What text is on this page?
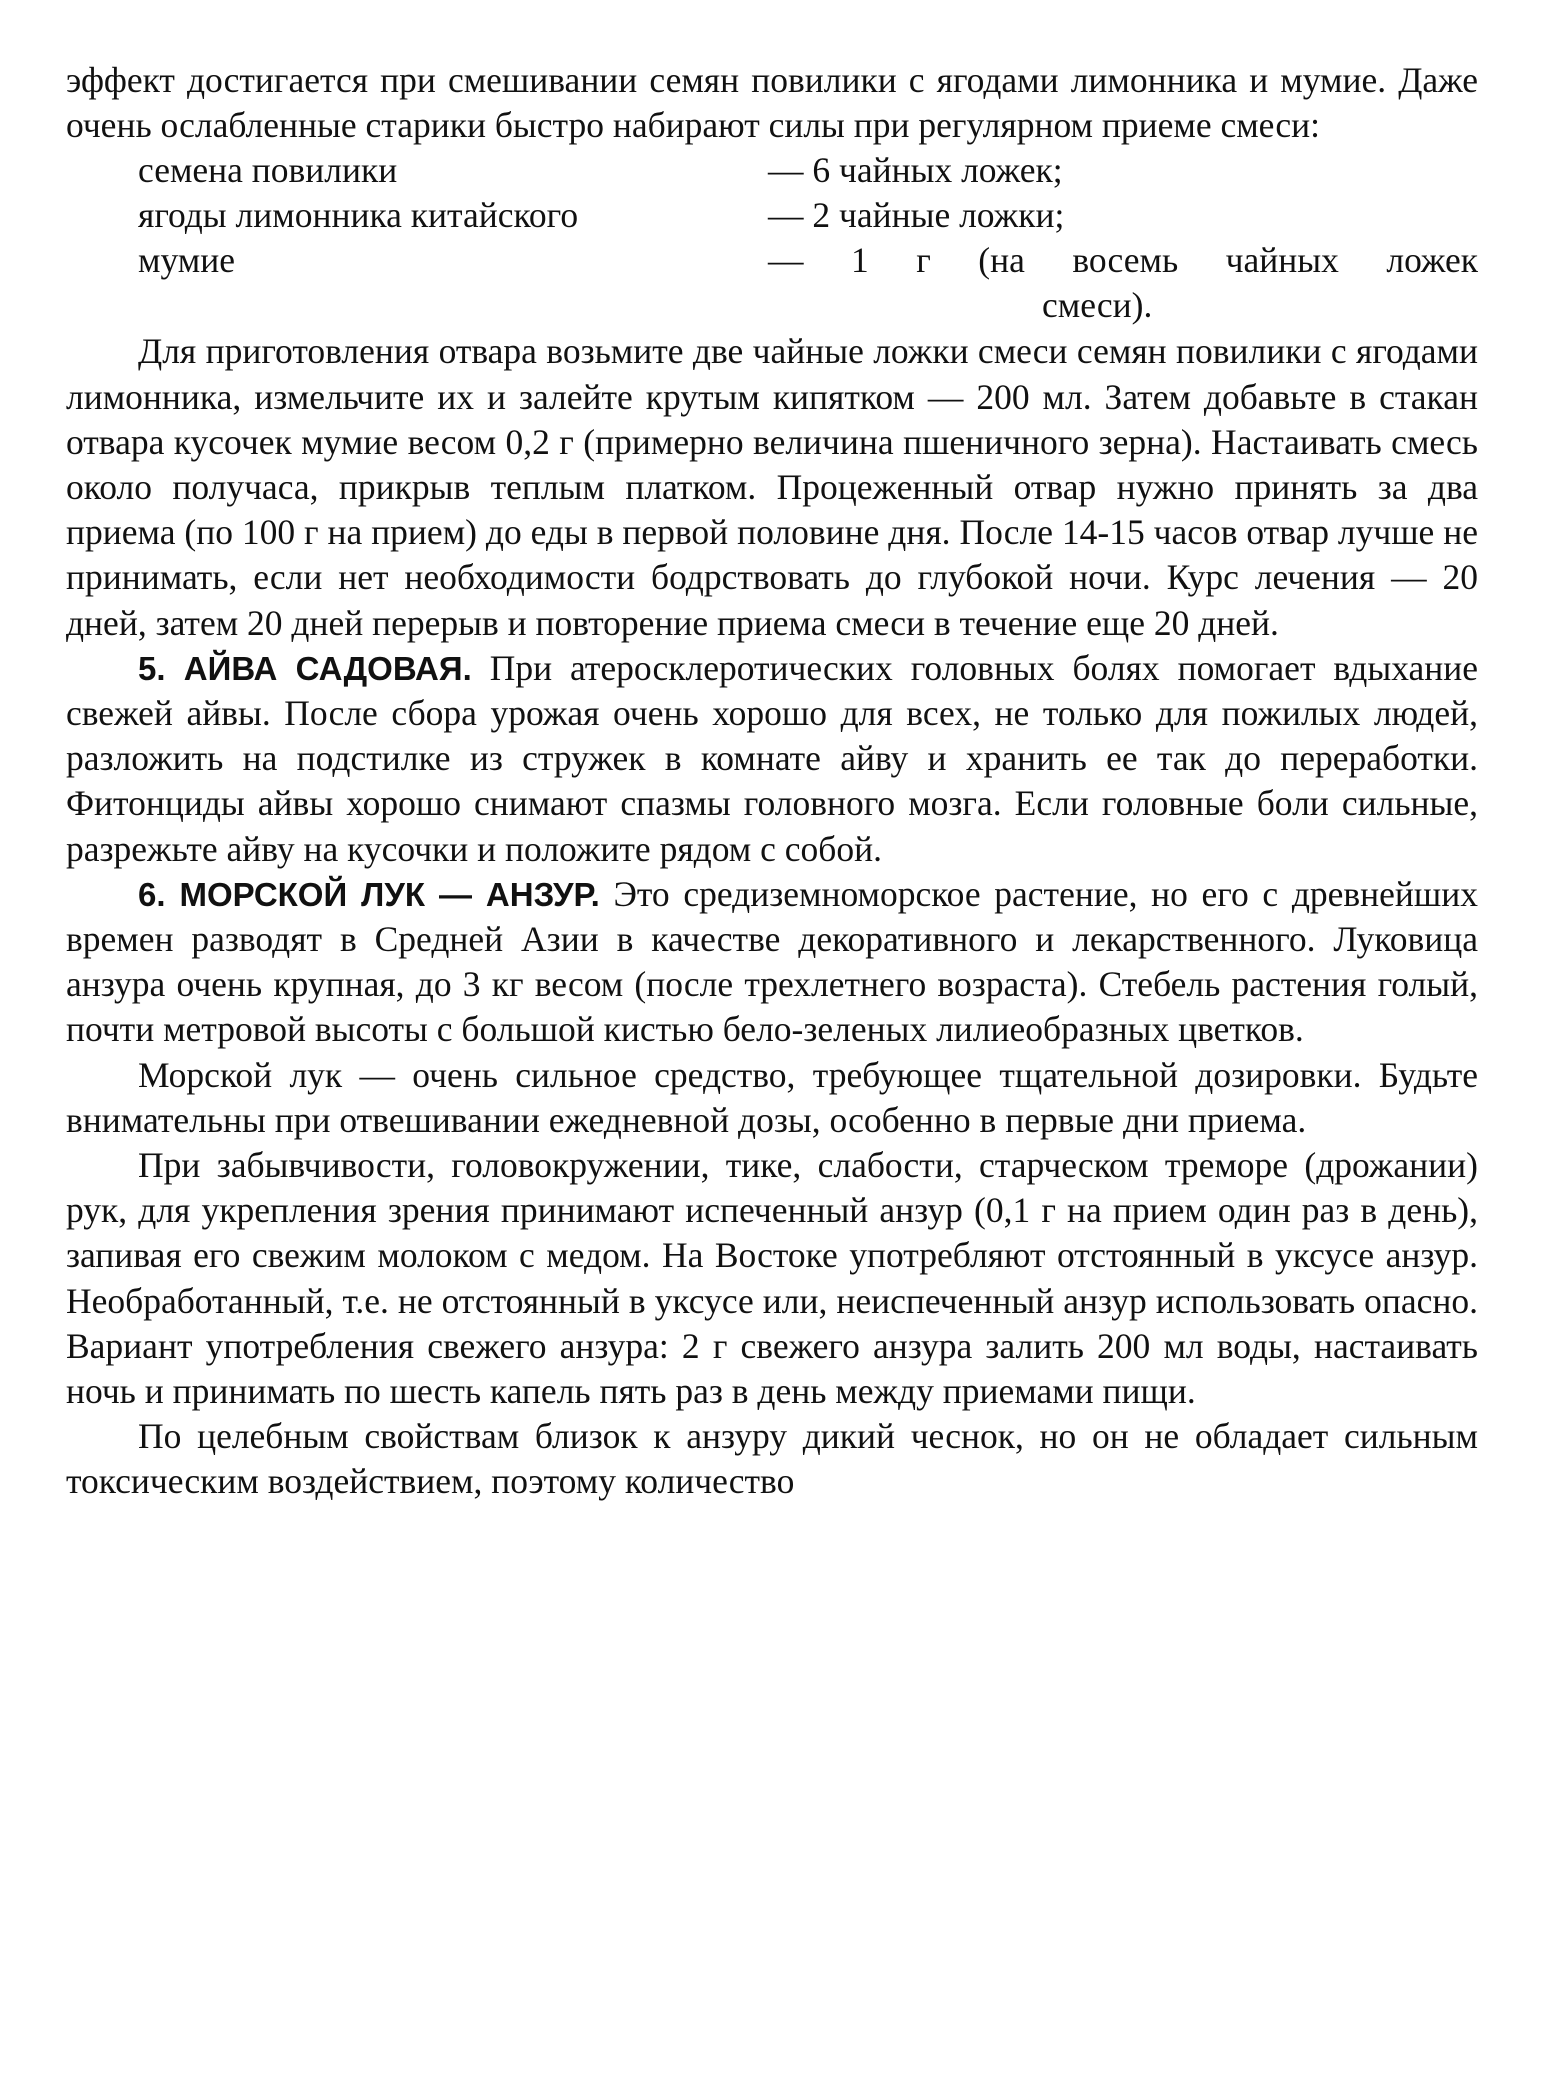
эффект достигается при смешивании семян повилики с ягодами лимонника и мумие. Даже очень ослабленные старики быстро набирают силы при регулярном приеме смеси:

семена повилики	— 6 чайных ложек;
ягоды лимонника китайского	— 2 чайные ложки;
мумие	— 1 г (на восемь чайных ложек
смеси).

Для приготовления отвара возьмите две чайные ложки смеси семян повилики с ягодами лимонника, измельчите их и залейте крутым кипятком — 200 мл. Затем добавьте в стакан отвара кусочек мумие весом 0,2 г (примерно величина пшеничного зерна). Настаивать смесь около получаса, прикрыв теплым платком. Процеженный отвар нужно принять за два приема (по 100 г на прием) до еды в первой половине дня. После 14-15 часов отвар лучше не принимать, если нет необходимости бодрствовать до глубокой ночи. Курс лечения — 20 дней, затем 20 дней перерыв и повторение приема смеси в течение еще 20 дней.

5. АЙВА САДОВАЯ. При атеросклеротических головных болях помогает вдыхание свежей айвы. После сбора урожая очень хорошо для всех, не только для пожилых людей, разложить на подстилке из стружек в комнате айву и хранить ее так до переработки. Фитонциды айвы хорошо снимают спазмы головного мозга. Если головные боли сильные, разрежьте айву на кусочки и положите рядом с собой.

6. МОРСКОЙ ЛУК — АНЗУР. Это средиземноморское растение, но его с древнейших времен разводят в Средней Азии в качестве декоративного и лекарственного. Луковица анзура очень крупная, до 3 кг весом (после трехлетнего возраста). Стебель растения голый, почти метровой высоты с большой кистью бело-зеленых лилиеобразных цветков.

Морской лук — очень сильное средство, требующее тщательной дозировки. Будьте внимательны при отвешивании ежедневной дозы, особенно в первые дни приема.

При забывчивости, головокружении, тике, слабости, старческом треморе (дрожании) рук, для укрепления зрения принимают испеченный анзур (0,1 г на прием один раз в день), запивая его свежим молоком с медом. На Востоке употребляют отстоянный в уксусе анзур. Необработанный, т.е. не отстоянный в уксусе или, неиспеченный анзур использовать опасно. Вариант употребления свежего анзура: 2 г свежего анзура залить 200 мл воды, настаивать ночь и принимать по шесть капель пять раз в день между приемами пищи.

По целебным свойствам близок к анзуру дикий чеснок, но он не обладает сильным токсическим воздействием, поэтому количество
